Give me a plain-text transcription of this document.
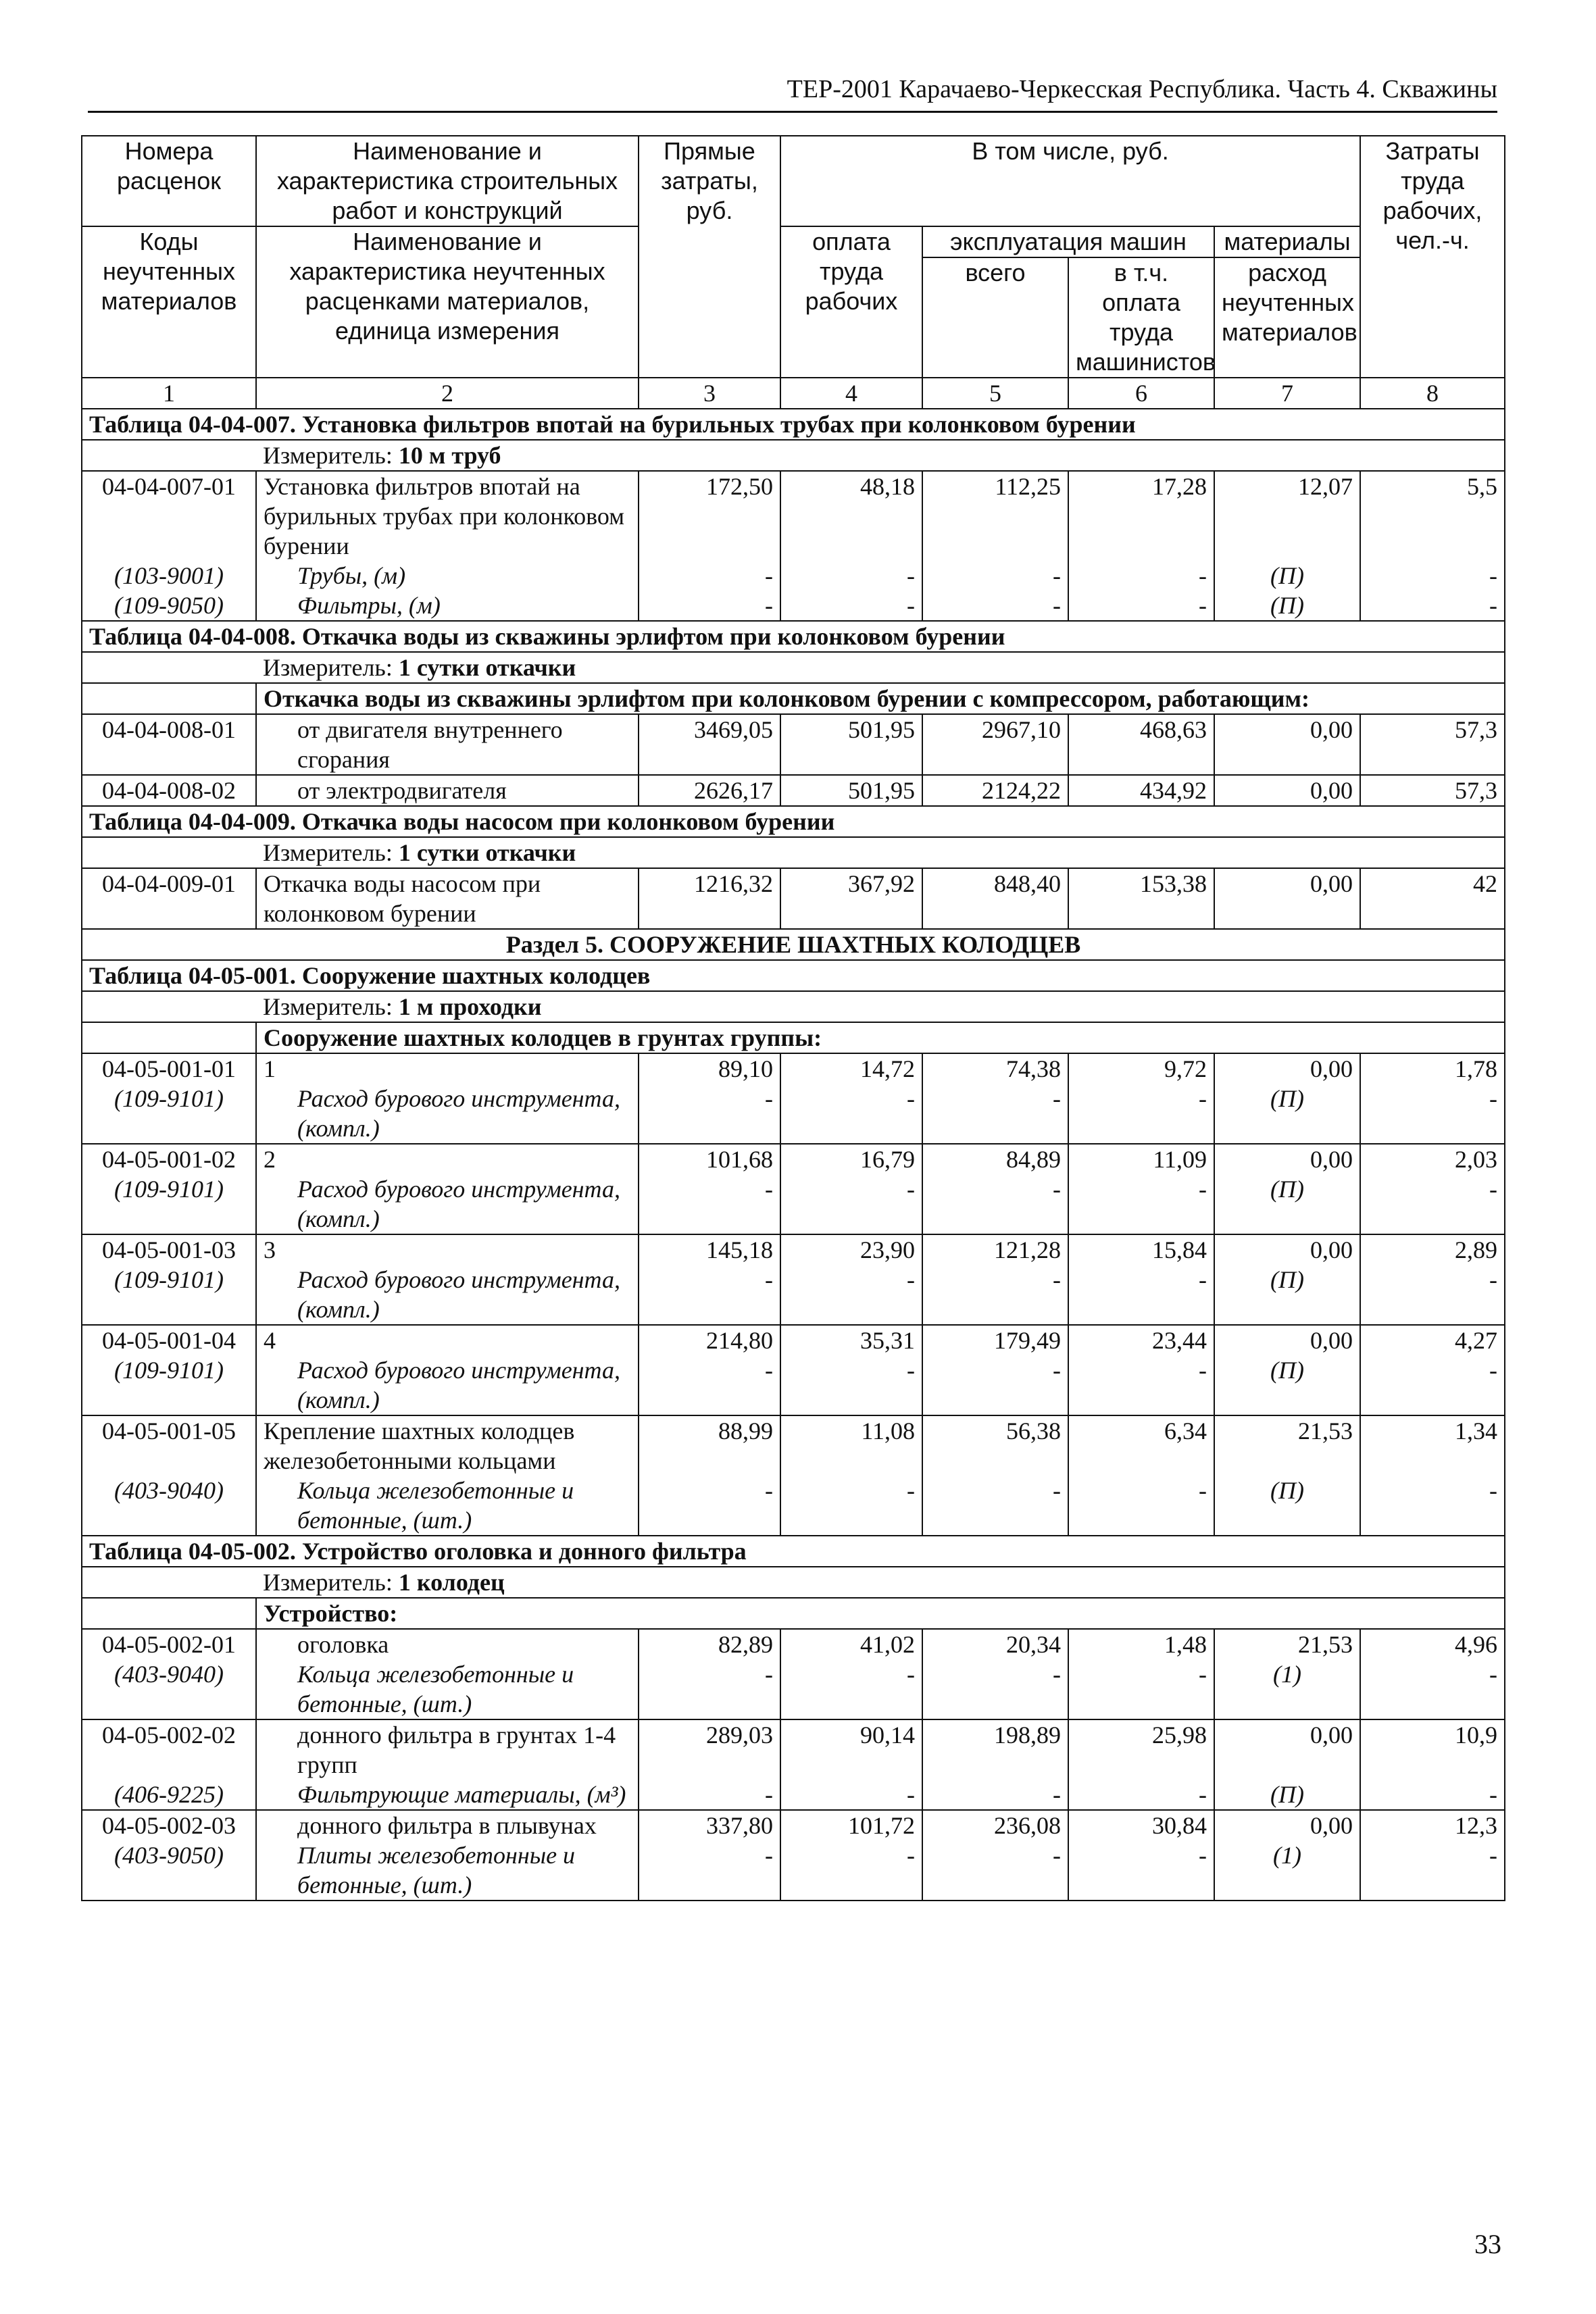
ТЕР-2001 Карачаево-Черкесская Республика. Часть 4. Скважины
Номера расценок	Наименование и характеристика строительных работ и конструкций	Прямые затраты, руб.	В том числе, руб.				Затраты труда рабочих, чел.-ч.
Коды неучтенных материалов	Наименование и характеристика неучтенных расценками материалов, единица измерения		оплата труда рабочих	эксплуатация машин		материалы	
				всего	в т.ч. оплата труда машинистов	расход неучтенных материалов	
1	2	3	4	5	6	7	8
Таблица 04-04-007. Установка фильтров впотай на бурильных трубах при колонковом бурении							
	Измеритель: 10 м труб						
04-04-007-01	Установка фильтров впотай на бурильных трубах при колонковом бурении	172,50	48,18	112,25	17,28	12,07	5,5
(103-9001)	Трубы, (м)	-	-	-	-	(П)	-
(109-9050)	Фильтры, (м)	-	-	-	-	(П)	-
Таблица 04-04-008. Откачка воды из скважины эрлифтом при колонковом бурении							
	Измеритель: 1 сутки откачки						
	Откачка воды из скважины эрлифтом при колонковом бурении с компрессором, работающим:						
04-04-008-01	от двигателя внутреннего сгорания	3469,05	501,95	2967,10	468,63	0,00	57,3
04-04-008-02	от электродвигателя	2626,17	501,95	2124,22	434,92	0,00	57,3
Таблица 04-04-009. Откачка воды насосом при колонковом бурении							
	Измеритель: 1 сутки откачки						
04-04-009-01	Откачка воды насосом при колонковом бурении	1216,32	367,92	848,40	153,38	0,00	42
Раздел 5. СООРУЖЕНИЕ ШАХТНЫХ КОЛОДЦЕВ							
Таблица 04-05-001. Сооружение шахтных колодцев							
	Измеритель: 1 м проходки						
	Сооружение шахтных колодцев в грунтах группы:						
04-05-001-01	1	89,10	14,72	74,38	9,72	0,00	1,78
(109-9101)	Расход бурового инструмента, (компл.)	-	-	-	-	(П)	-
04-05-001-02	2	101,68	16,79	84,89	11,09	0,00	2,03
(109-9101)	Расход бурового инструмента, (компл.)	-	-	-	-	(П)	-
04-05-001-03	3	145,18	23,90	121,28	15,84	0,00	2,89
(109-9101)	Расход бурового инструмента, (компл.)	-	-	-	-	(П)	-
04-05-001-04	4	214,80	35,31	179,49	23,44	0,00	4,27
(109-9101)	Расход бурового инструмента, (компл.)	-	-	-	-	(П)	-
04-05-001-05	Крепление шахтных колодцев железобетонными кольцами	88,99	11,08	56,38	6,34	21,53	1,34
(403-9040)	Кольца железобетонные и бетонные, (шт.)	-	-	-	-	(П)	-
Таблица 04-05-002. Устройство оголовка и донного фильтра							
	Измеритель: 1 колодец						
	Устройство:						
04-05-002-01	оголовка	82,89	41,02	20,34	1,48	21,53	4,96
(403-9040)	Кольца железобетонные и бетонные, (шт.)	-	-	-	-	(1)	-
04-05-002-02	донного фильтра в грунтах 1-4 групп	289,03	90,14	198,89	25,98	0,00	10,9
(406-9225)	Фильтрующие материалы, (м³)	-	-	-	-	(П)	-
04-05-002-03	донного фильтра в плывунах	337,80	101,72	236,08	30,84	0,00	12,3
(403-9050)	Плиты железобетонные и бетонные, (шт.)	-	-	-	-	(1)	-
33
